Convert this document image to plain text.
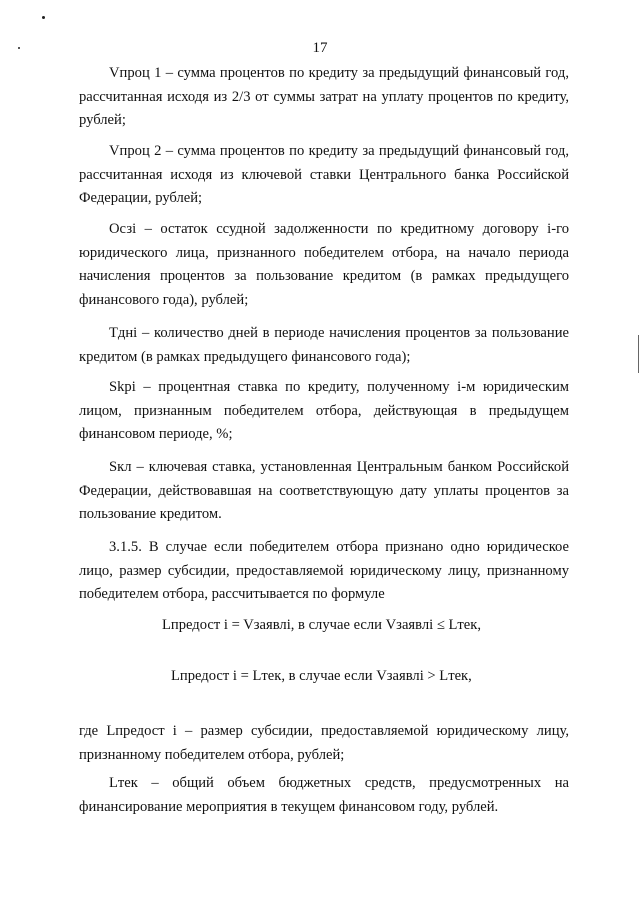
17

Vпроц 1 – сумма процентов по кредиту за предыдущий финансовый год, рассчитанная исходя из 2/3 от суммы затрат на уплату процентов по кредиту, рублей;

Vпроц 2 – сумма процентов по кредиту за предыдущий финансовый год, рассчитанная исходя из ключевой ставки Центрального банка Российской Федерации, рублей;

Осзi – остаток ссудной задолженности по кредитному договору i-го юридического лица, признанного победителем отбора, на начало периода начисления процентов за пользование кредитом (в рамках предыдущего финансового года), рублей;

Tднi – количество дней в периоде начисления процентов за пользование кредитом (в рамках предыдущего финансового года);

Skрi – процентная ставка по кредиту, полученному i-м юридическим лицом, признанным победителем отбора, действующая в предыдущем финансовом периоде, %;

Sкл – ключевая ставка, установленная Центральным банком Российской Федерации, действовавшая на соответствующую дату уплаты процентов за пользование кредитом.

3.1.5. В случае если победителем отбора признано одно юридическое лицо, размер субсидии, предоставляемой юридическому лицу, признанному победителем отбора, рассчитывается по формуле

Lпредост i = Vзаявлi, в случае если Vзаявлi ≤ Lтек,
Lпредост i = Lтек, в случае если Vзаявлi > Lтек,

где Lпредост i – размер субсидии, предоставляемой юридическому лицу, признанному победителем отбора, рублей;

Lтек – общий объем бюджетных средств, предусмотренных на финансирование мероприятия в текущем финансовом году, рублей.
